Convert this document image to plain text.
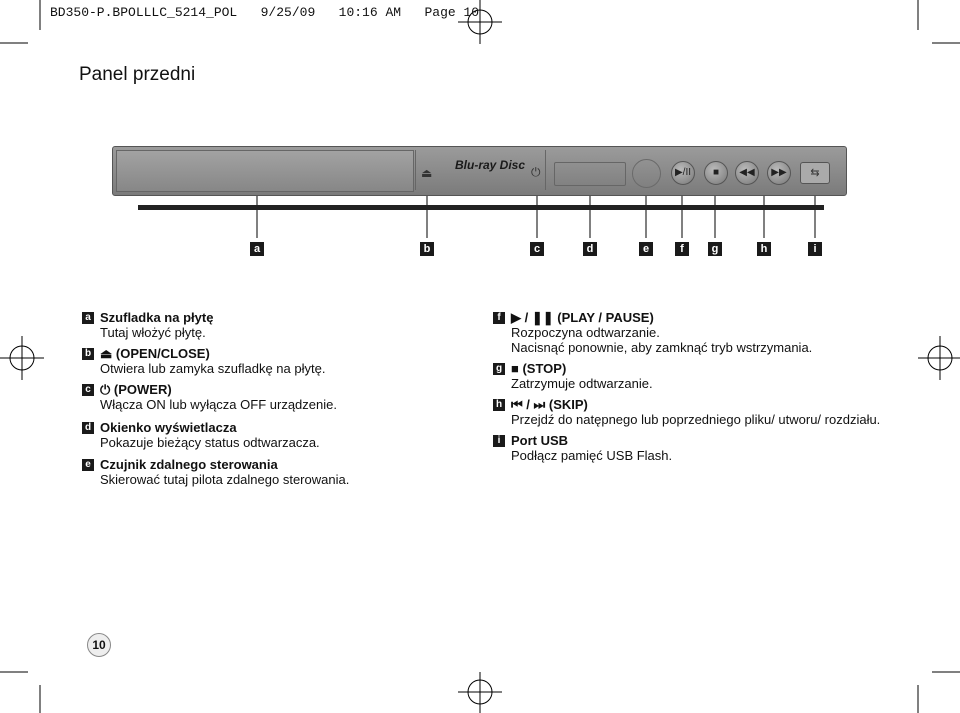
BD350-P.BPOLLLC_5214_POL   9/25/09   10:16 AM   Page 10
Panel przedni
⏏
Blu-ray Disc ⏻	▶/II	■	◀◀	▶▶	⇆
a	b	c	d	e	f	g	h	i
a Szufladka na płytę
Tutaj włożyć płytę.
b ⏏ (OPEN/CLOSE)
Otwiera lub zamyka szufladkę na płytę.
c ⏻ (POWER)
Włącza ON lub wyłącza OFF urządzenie.
d Okienko wyświetlacza
Pokazuje bieżący status odtwarzacza.
e Czujnik zdalnego sterowania
Skierować tutaj pilota zdalnego sterowania.
f ▶ / ❚❚ (PLAY / PAUSE)
Rozpoczyna odtwarzanie.
Nacisnąć ponownie, aby zamknąć tryb wstrzymania.
g ■ (STOP)
Zatrzymuje odtwarzanie.
h ⏮ / ⏭ (SKIP)
Przejdź do natępnego lub poprzedniego pliku/ utworu/ rozdziału.
i Port USB
Podłącz pamięć USB Flash.
10
